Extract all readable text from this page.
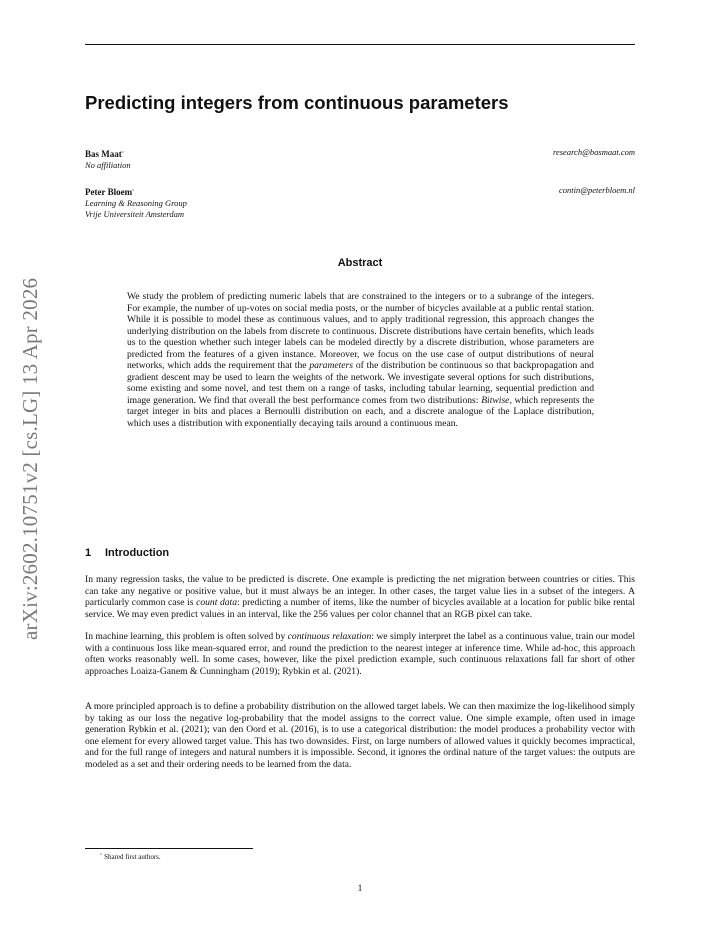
Predicting integers from continuous parameters
Bas Maat◦
No affiliation
research@basmaat.com
Peter Bloem◦
Learning & Reasoning Group
Vrije Universiteit Amsterdam
contin@peterbloem.nl
arXiv:2602.10751v2 [cs.LG] 13 Apr 2026
Abstract

We study the problem of predicting numeric labels that are constrained to the integers or to a subrange of the integers. For example, the number of up-votes on social media posts, or the number of bicycles available at a public rental station. While it is possible to model these as continuous values, and to apply traditional regression, this approach changes the underlying distribution on the labels from discrete to continuous. Discrete distributions have certain benefits, which leads us to the question whether such integer labels can be modeled directly by a discrete distribution, whose parameters are predicted from the features of a given instance. Moreover, we focus on the use case of output distributions of neural networks, which adds the requirement that the parameters of the distribution be continuous so that backpropagation and gradient descent may be used to learn the weights of the network. We investigate several options for such distributions, some existing and some novel, and test them on a range of tasks, including tabular learning, sequential prediction and image generation. We find that overall the best performance comes from two distributions: Bitwise, which represents the target integer in bits and places a Bernoulli distribution on each, and a discrete analogue of the Laplace distribution, which uses a distribution with exponentially decaying tails around a continuous mean.

1 Introduction

In many regression tasks, the value to be predicted is discrete. One example is predicting the net migration between countries or cities. This can take any negative or positive value, but it must always be an integer. In other cases, the target value lies in a subset of the integers. A particularly common case is count data: predicting a number of items, like the number of bicycles available at a location for public bike rental service. We may even predict values in an interval, like the 256 values per color channel that an RGB pixel can take.

In machine learning, this problem is often solved by continuous relaxation: we simply interpret the label as a continuous value, train our model with a continuous loss like mean-squared error, and round the prediction to the nearest integer at inference time. While ad-hoc, this approach often works reasonably well. In some cases, however, like the pixel prediction example, such continuous relaxations fall far short of other approaches Loaiza-Ganem & Cunningham (2019); Rybkin et al. (2021).

A more principled approach is to define a probability distribution on the allowed target labels. We can then maximize the log-likelihood simply by taking as our loss the negative log-probability that the model assigns to the correct value. One simple example, often used in image generation Rybkin et al. (2021); van den Oord et al. (2016), is to use a categorical distribution: the model produces a probability vector with one element for every allowed target value. This has two downsides. First, on large numbers of allowed values it quickly becomes impractical, and for the full range of integers and natural numbers it is impossible. Second, it ignores the ordinal nature of the target values: the outputs are modeled as a set and their ordering needs to be learned from the data.

◦ Shared first authors.
1
